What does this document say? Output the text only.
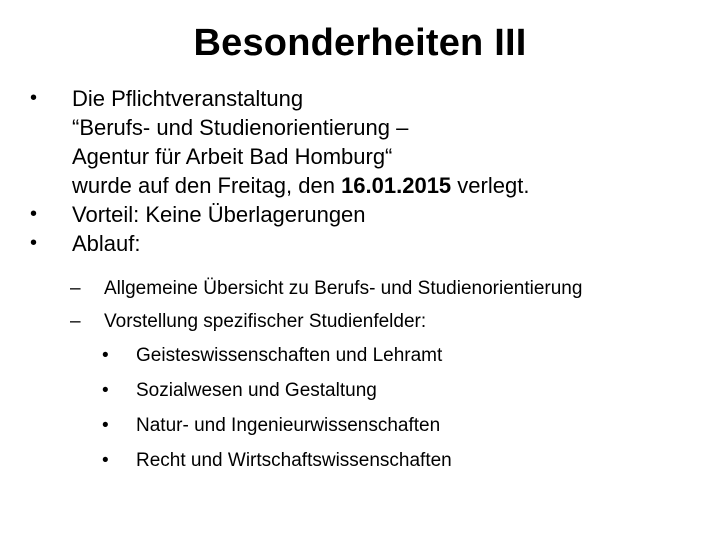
Besonderheiten III
• Die Pflichtveranstaltung
“Berufs- und Studienorientierung –
Agentur für Arbeit Bad Homburg“
wurde auf den Freitag, den 16.01.2015 verlegt.
• Vorteil: Keine Überlagerungen
• Ablauf:
– Allgemeine Übersicht zu Berufs- und Studienorientierung
– Vorstellung spezifischer Studienfelder:
• Geisteswissenschaften und Lehramt
• Sozialwesen und Gestaltung
• Natur- und Ingenieurwissenschaften
• Recht und Wirtschaftswissenschaften
